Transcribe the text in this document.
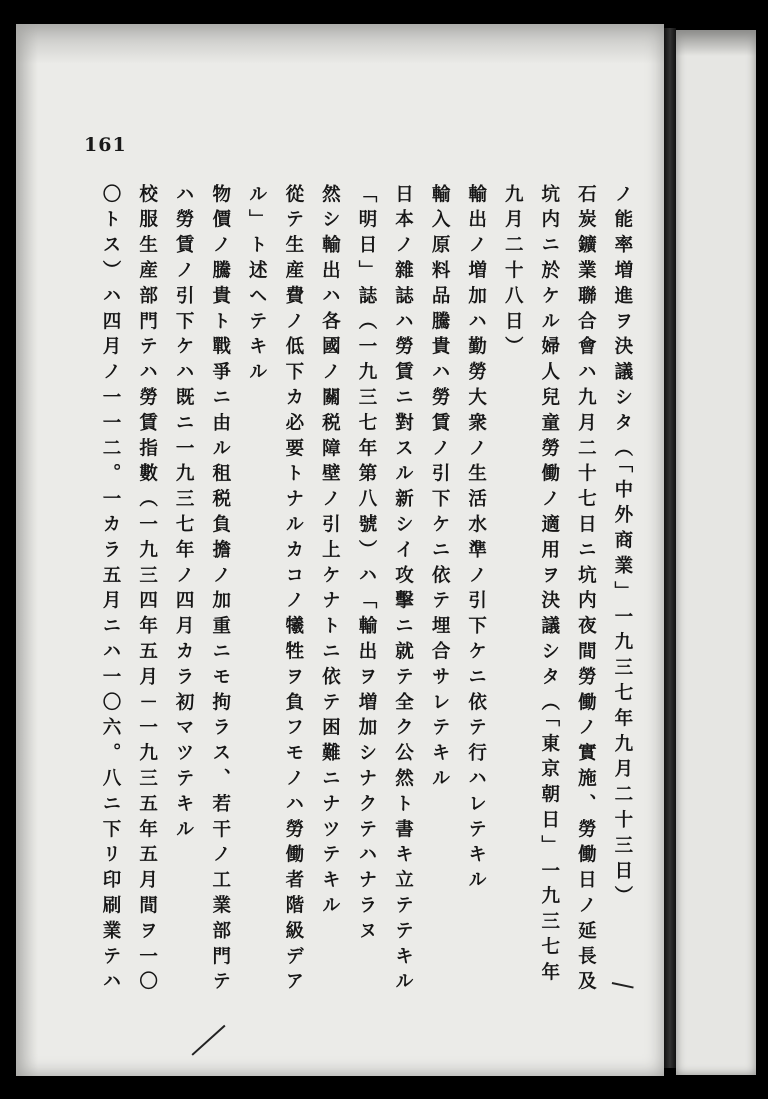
161
ノ能率増進ヲ決議シタ（「中外商業」一九三七年九月二十三日）
石炭鑛業聯合會ハ九月二十七日ニ坑内夜間勞働ノ實施、勞働日ノ延長及
坑内ニ於ケル婦人兒童勞働ノ適用ヲ決議シタ（「東京朝日」一九三七年
九月二十八日）
輸出ノ増加ハ勤勞大衆ノ生活水準ノ引下ケニ依テ行ハレテキル
輸入原料品騰貴ハ勞賃ノ引下ケニ依テ埋合サレテキル
日本ノ雜誌ハ勞賃ニ對スル新シイ攻擊ニ就テ全ク公然ト書キ立テテキル
「明日」誌（一九三七年第八號）ハ「輸出ヲ増加シナクテハナラヌ
然シ輸出ハ各國ノ關税障壁ノ引上ケナトニ依テ困難ニナツテキル
從テ生産費ノ低下カ必要トナルカコノ犧牲ヲ負フモノハ勞働者階級デア
ル」ト述ヘテキル
物價ノ騰貴ト戰爭ニ由ル租税負擔ノ加重ニモ拘ラス、若干ノ工業部門テ
ハ勞賃ノ引下ケハ既ニ一九三七年ノ四月カラ初マツテキル
校服生産部門テハ勞賃指數（一九三四年五月－一九三五年五月間ヲ一〇
〇トス）ハ四月ノ一一二。一カラ五月ニハ一〇六。八ニ下リ印刷業テハ
